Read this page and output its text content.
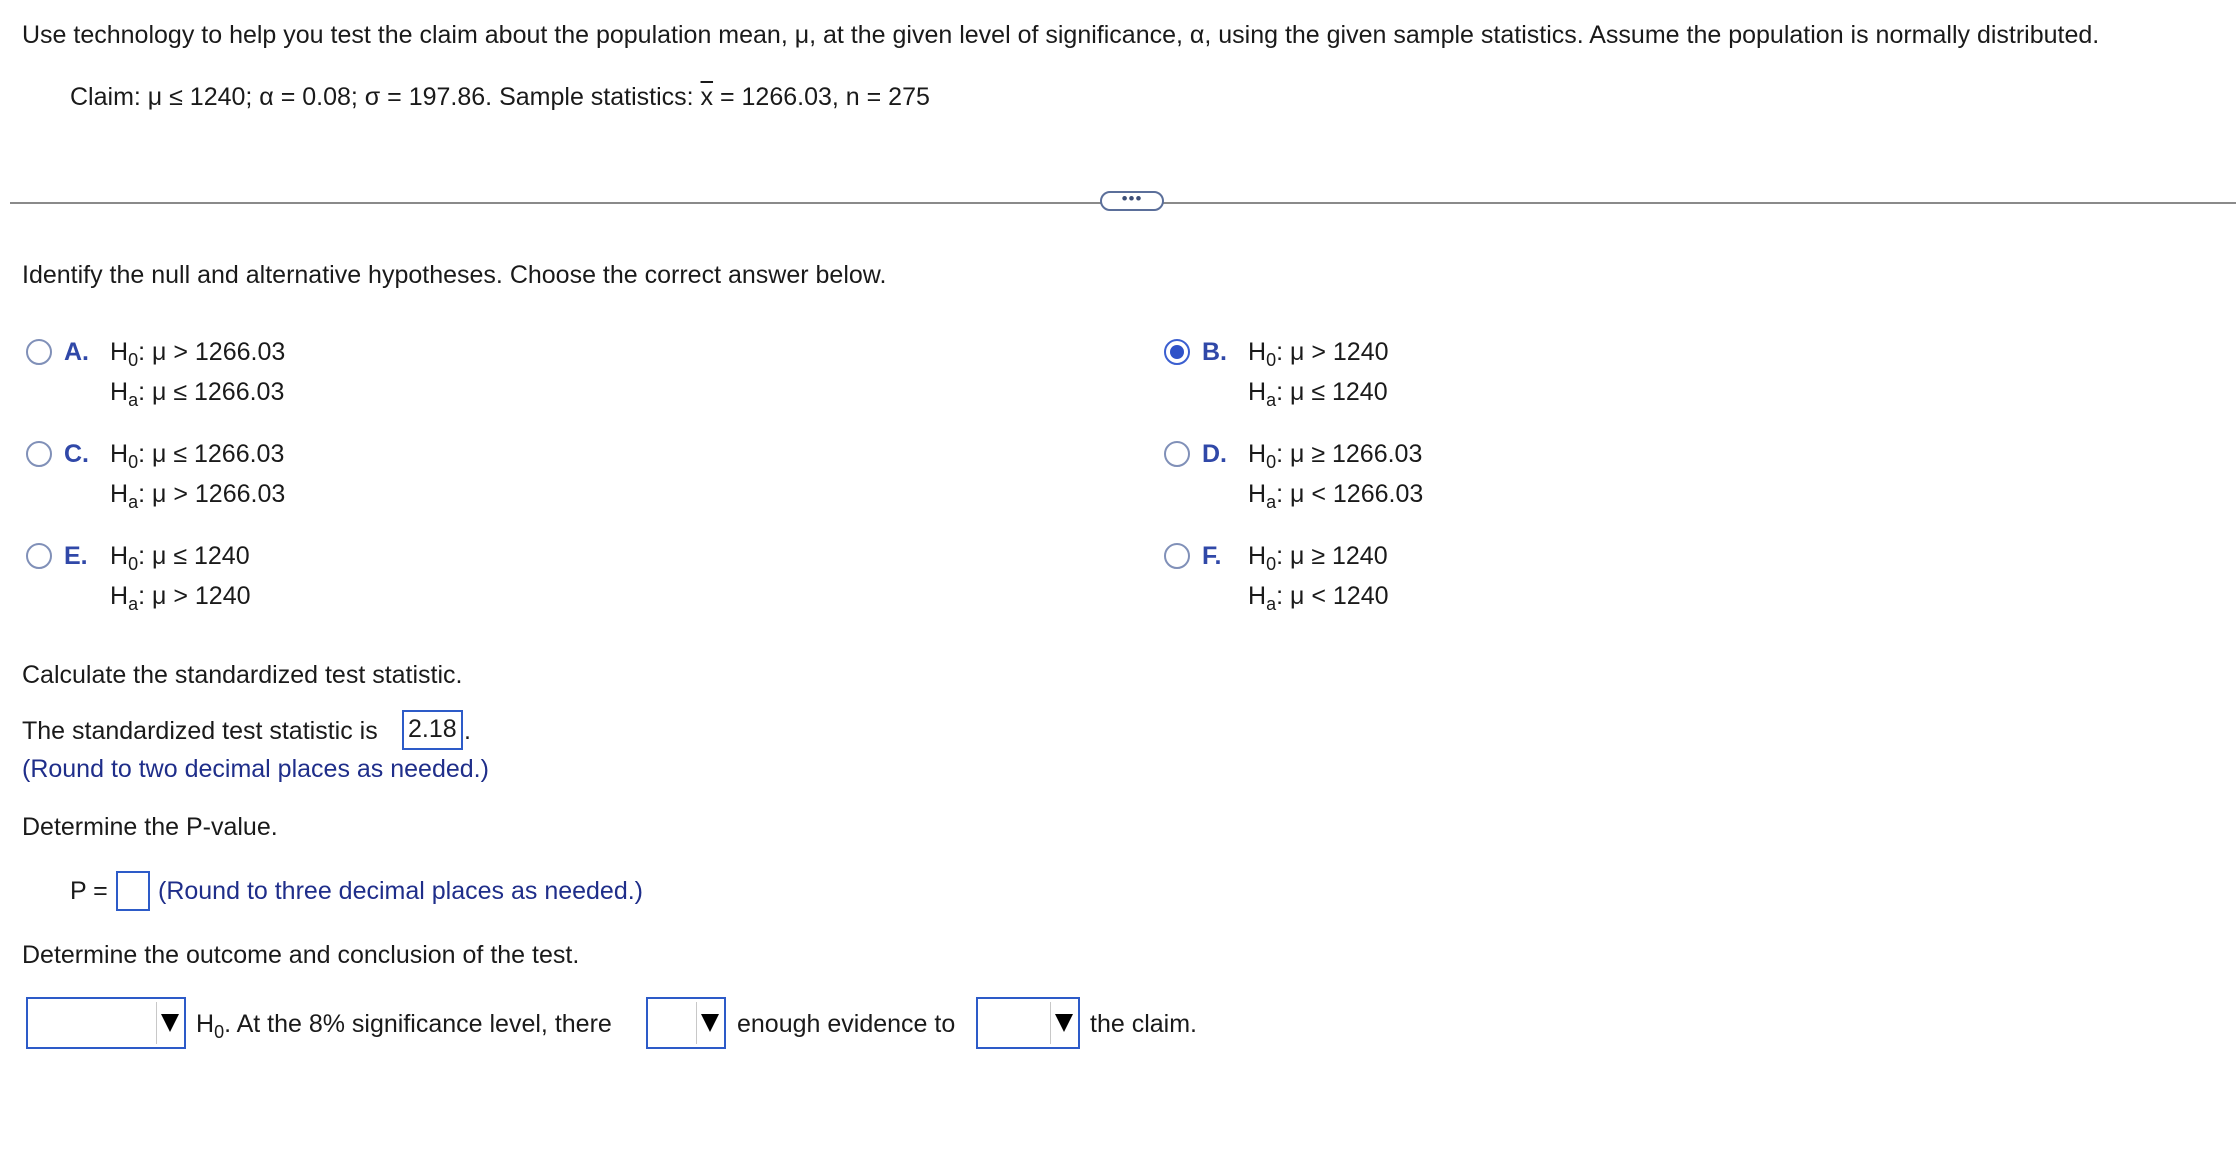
Use technology to help you test the claim about the population mean, μ, at the given level of significance, α, using the given sample statistics. Assume the population is normally distributed.
Claim: μ ≤ 1240; α = 0.08; σ = 197.86. Sample statistics: $\overline{x} = 1266.03$, n = 275
•••
Identify the null and alternative hypotheses. Choose the correct answer below.
A. $H_0$: μ > 1266.03
$H_a$: μ ≤ 1266.03
B. $H_0$: μ > 1240
$H_a$: μ ≤ 1240
C. $H_0$: μ ≤ 1266.03
$H_a$: μ > 1266.03
D. $H_0$: μ ≥ 1266.03
$H_a$: μ < 1266.03
E. $H_0$: μ ≤ 1240
$H_a$: μ > 1240
F. $H_0$: μ ≥ 1240
$H_a$: μ < 1240
Calculate the standardized test statistic.
The standardized test statistic is 2.18 .
(Round to two decimal places as needed.)
Determine the P-value.
P = (Round to three decimal places as needed.)
Determine the outcome and conclusion of the test.
$H_0$. At the 8% significance level, there	enough evidence to	the claim.
